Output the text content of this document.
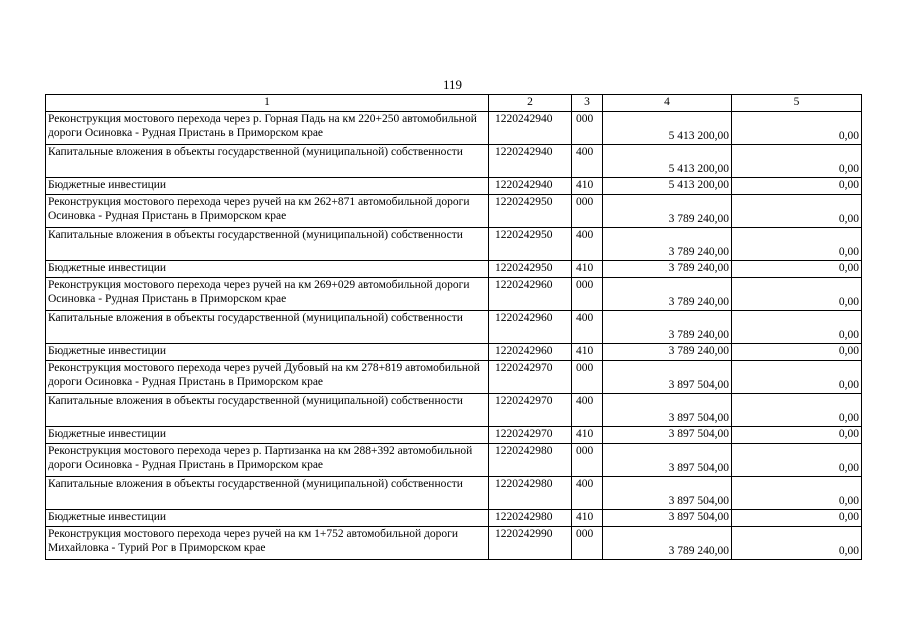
119
1	2	3	4	5
Реконструкция мостового перехода через р. Горная Падь на км 220+250 автомобильной дороги Осиновка - Рудная Пристань в Приморском крае	1220242940	000	5 413 200,00	0,00
Капитальные вложения в объекты государственной (муниципальной) собственности	1220242940	400	5 413 200,00	0,00
Бюджетные инвестиции	1220242940	410	5 413 200,00	0,00
Реконструкция мостового перехода через ручей на км 262+871 автомобильной дороги Осиновка - Рудная Пристань в Приморском крае	1220242950	000	3 789 240,00	0,00
Капитальные вложения в объекты государственной (муниципальной) собственности	1220242950	400	3 789 240,00	0,00
Бюджетные инвестиции	1220242950	410	3 789 240,00	0,00
Реконструкция мостового перехода через ручей на км 269+029 автомобильной дороги Осиновка - Рудная Пристань в Приморском крае	1220242960	000	3 789 240,00	0,00
Капитальные вложения в объекты государственной (муниципальной) собственности	1220242960	400	3 789 240,00	0,00
Бюджетные инвестиции	1220242960	410	3 789 240,00	0,00
Реконструкция мостового перехода через ручей Дубовый на км 278+819 автомобильной дороги Осиновка - Рудная Пристань в Приморском крае	1220242970	000	3 897 504,00	0,00
Капитальные вложения в объекты государственной (муниципальной) собственности	1220242970	400	3 897 504,00	0,00
Бюджетные инвестиции	1220242970	410	3 897 504,00	0,00
Реконструкция мостового перехода через р. Партизанка на км 288+392 автомобильной дороги Осиновка - Рудная Пристань в Приморском крае	1220242980	000	3 897 504,00	0,00
Капитальные вложения в объекты государственной (муниципальной) собственности	1220242980	400	3 897 504,00	0,00
Бюджетные инвестиции	1220242980	410	3 897 504,00	0,00
Реконструкция мостового перехода через ручей на км 1+752 автомобильной дороги Михайловка - Турий Рог в Приморском крае	1220242990	000	3 789 240,00	0,00
